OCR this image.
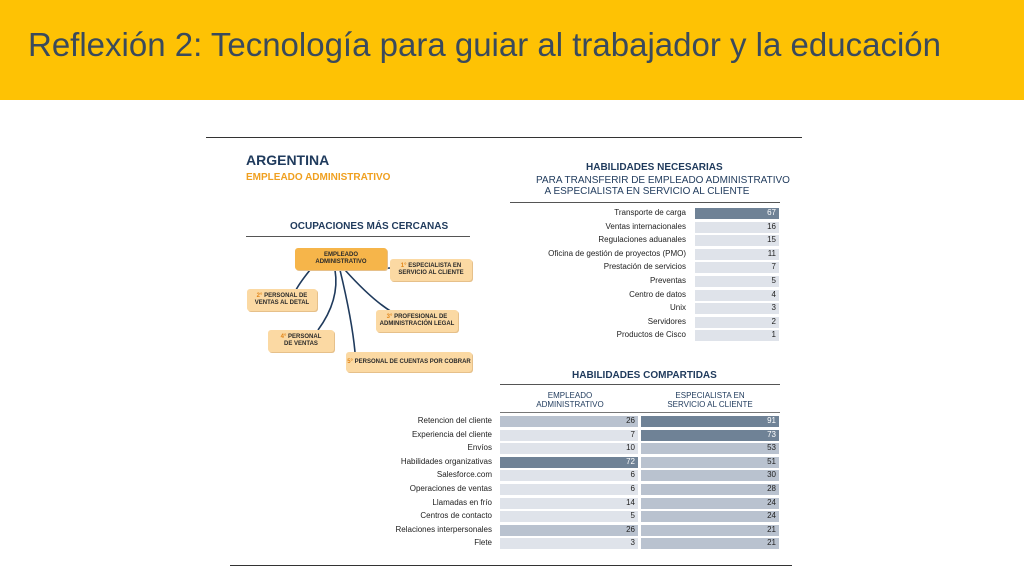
Reflexión 2: Tecnología para guiar al trabajador y la educación
ARGENTINA
EMPLEADO ADMINISTRATIVO
OCUPACIONES MÁS CERCANAS
EMPLEADO
ADMINISTRATIVO
1° ESPECIALISTA EN
SERVICIO AL CLIENTE
2° PERSONAL DE
VENTAS AL DETAL
3° PROFESIONAL DE
ADMINISTRACIÓN LEGAL
4° PERSONAL
DE VENTAS
5° PERSONAL DE CUENTAS POR COBRAR
HABILIDADES NECESARIAS
PARA TRANSFERIR DE EMPLEADO ADMINISTRATIVO
A ESPECIALISTA EN SERVICIO AL CLIENTE
Transporte de carga	67
Ventas internacionales	16
Regulaciones aduanales	15
Oficina de gestión de proyectos (PMO)	11
Prestación de servicios	7
Preventas	5
Centro de datos	4
Unix	3
Servidores	2
Productos de Cisco	1
HABILIDADES COMPARTIDAS
EMPLEADO
ADMINISTRATIVO
ESPECIALISTA EN
SERVICIO AL CLIENTE
Retencion del cliente	26	91
Experiencia del cliente	7	73
Envíos	10	53
Habilidades organizativas	72	51
Salesforce.com	6	30
Operaciones de ventas	6	28
Llamadas en frío	14	24
Centros de contacto	5	24
Relaciones interpersonales	26	21
Flete	3	21
